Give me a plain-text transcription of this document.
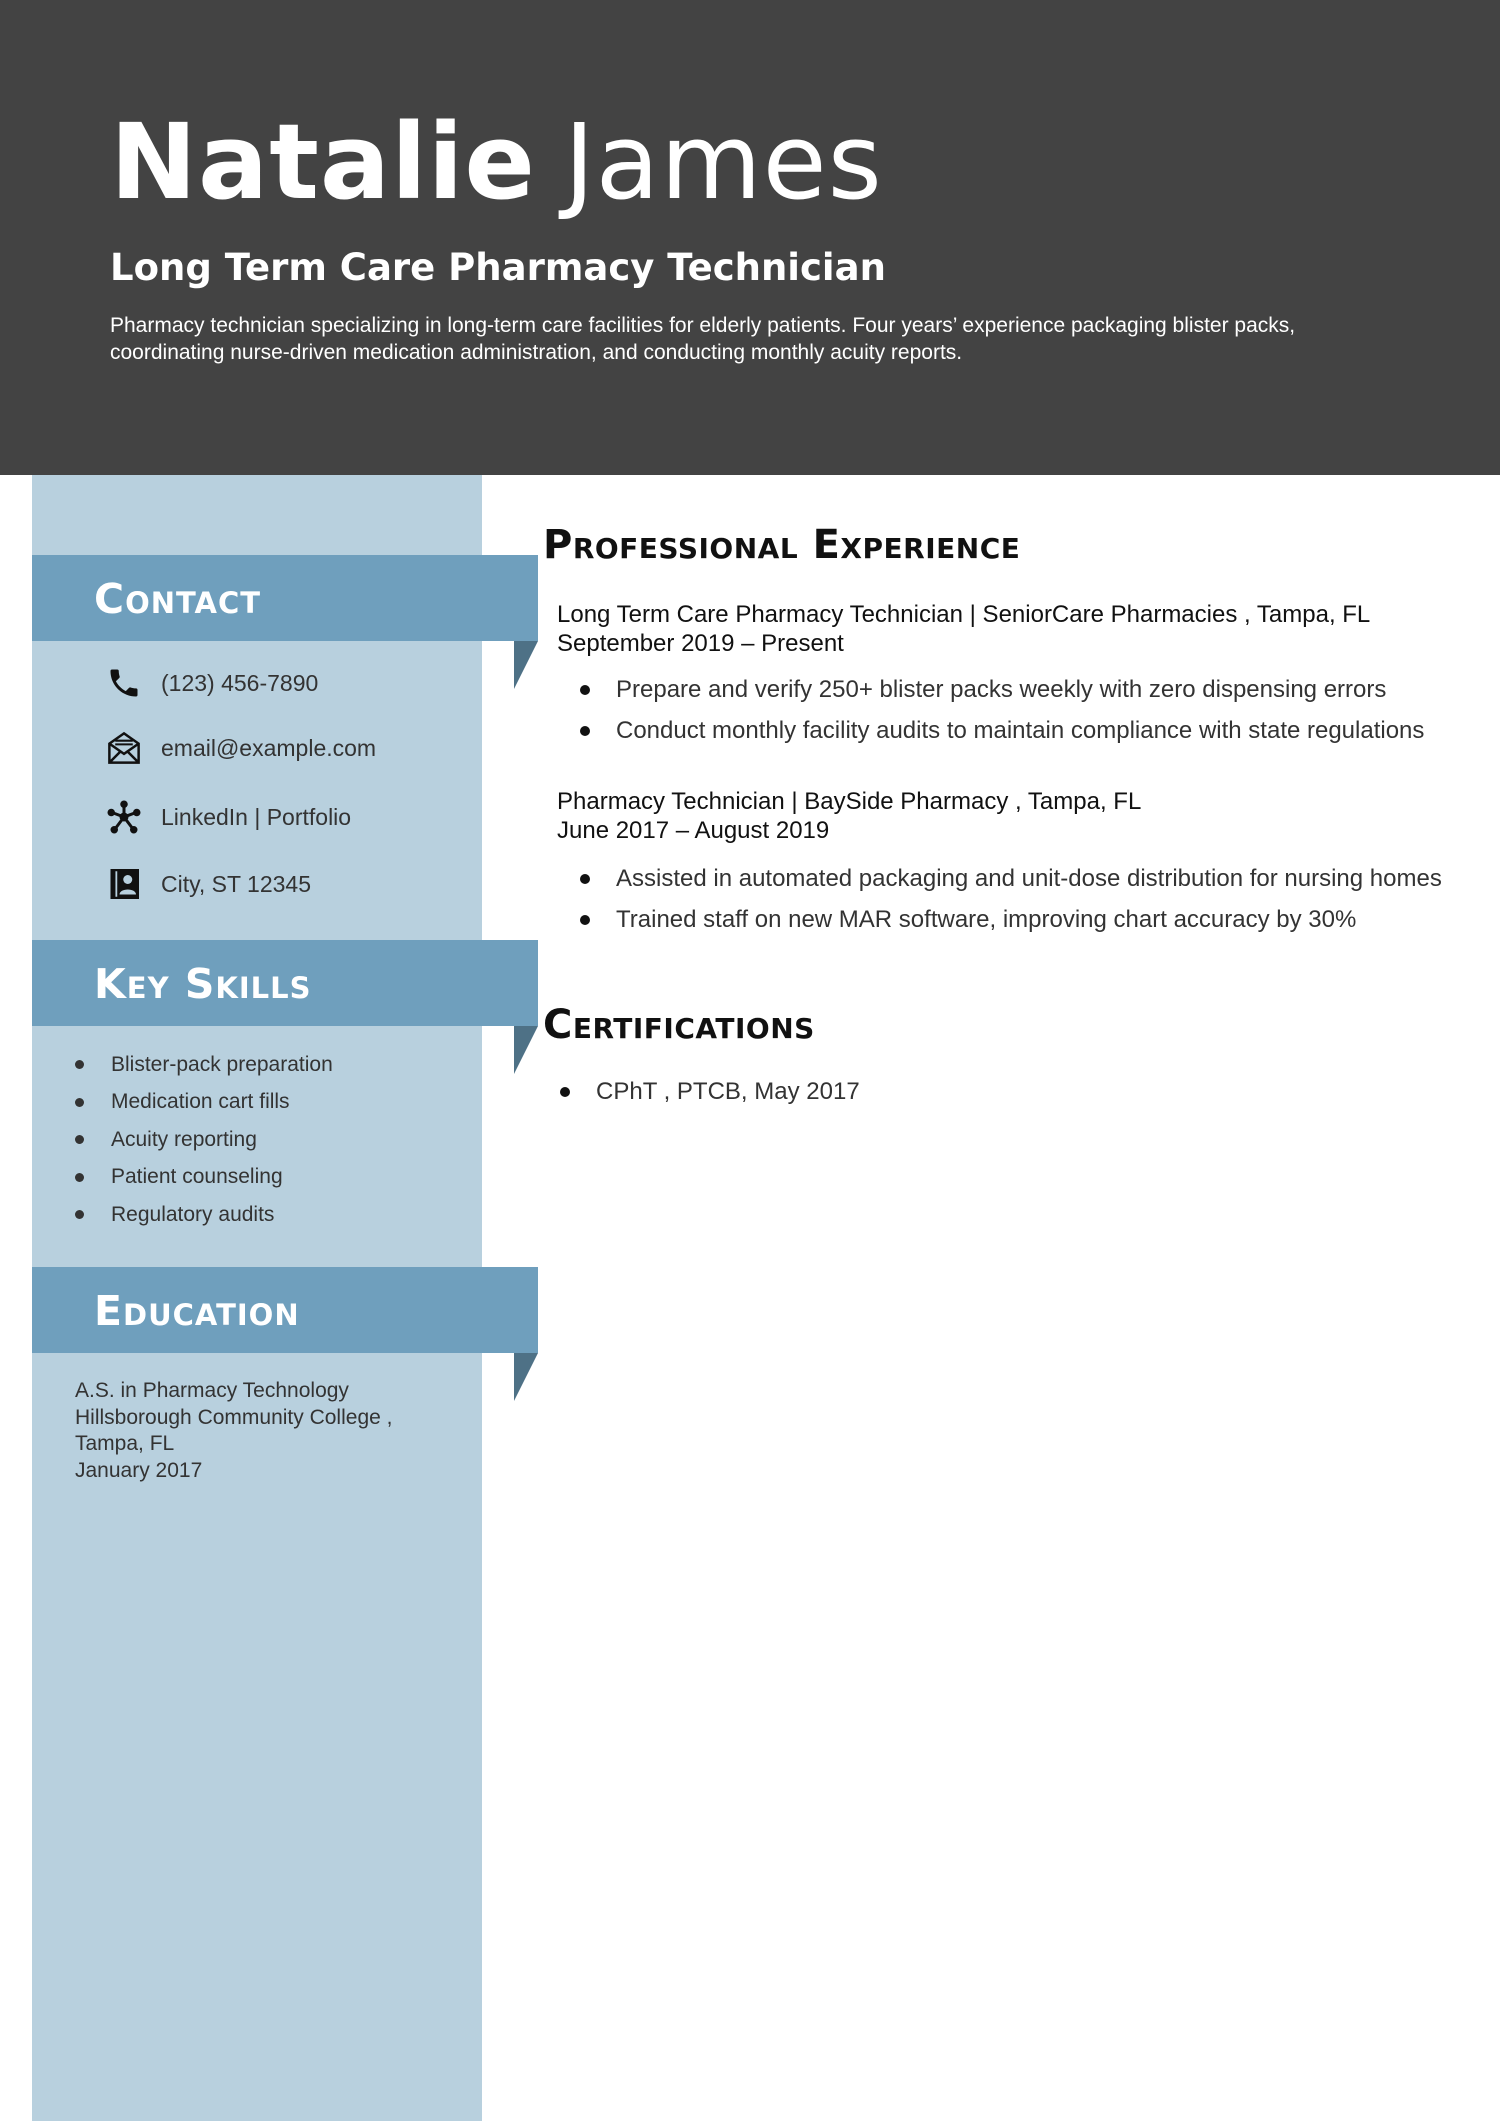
Natalie James
Long Term Care Pharmacy Technician
Pharmacy technician specializing in long-term care facilities for elderly patients. Four years’ experience packaging blister packs, coordinating nurse-driven medication administration, and conducting monthly acuity reports.
Contact
(123) 456-7890
email@example.com
LinkedIn | Portfolio
City, ST 12345
Key Skills
Education
Blister-pack preparation
Medication cart fills
Acuity reporting
Patient counseling
Regulatory audits
A.S. in Pharmacy Technology
Hillsborough Community College ,
Tampa, FL
January 2017
Professional Experience
Long Term Care Pharmacy Technician | SeniorCare Pharmacies , Tampa, FL
September 2019 – Present
Prepare and verify 250+ blister packs weekly with zero dispensing errors
Conduct monthly facility audits to maintain compliance with state regulations
Pharmacy Technician | BaySide Pharmacy , Tampa, FL
June 2017 – August 2019
Assisted in automated packaging and unit-dose distribution for nursing homes
Trained staff on new MAR software, improving chart accuracy by 30%
Certifications
CPhT , PTCB, May 2017
